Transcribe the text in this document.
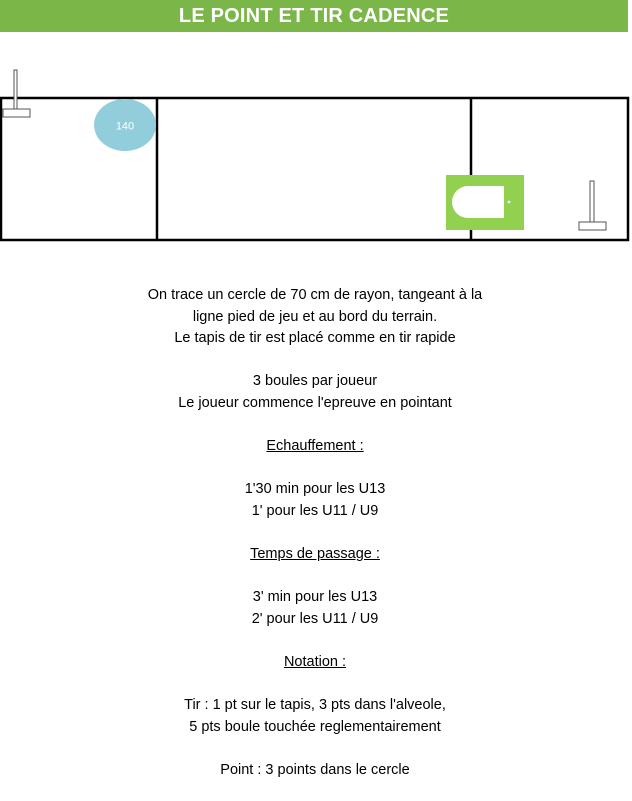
LE POINT ET TIR CADENCE
140
On trace un cercle de 70 cm de rayon, tangeant à la
ligne pied de jeu et au bord du terrain.
Le tapis de tir est placé comme en tir rapide
3 boules par joueur
Le joueur commence l'epreuve en pointant
Echauffement :
1'30 min pour les U13
1' pour les U11 / U9
Temps de passage :
3' min pour les U13
2' pour les U11 / U9
Notation :
Tir : 1 pt sur le tapis, 3 pts dans l'alveole,
5 pts boule touchée reglementairement
Point : 3 points dans le cercle
